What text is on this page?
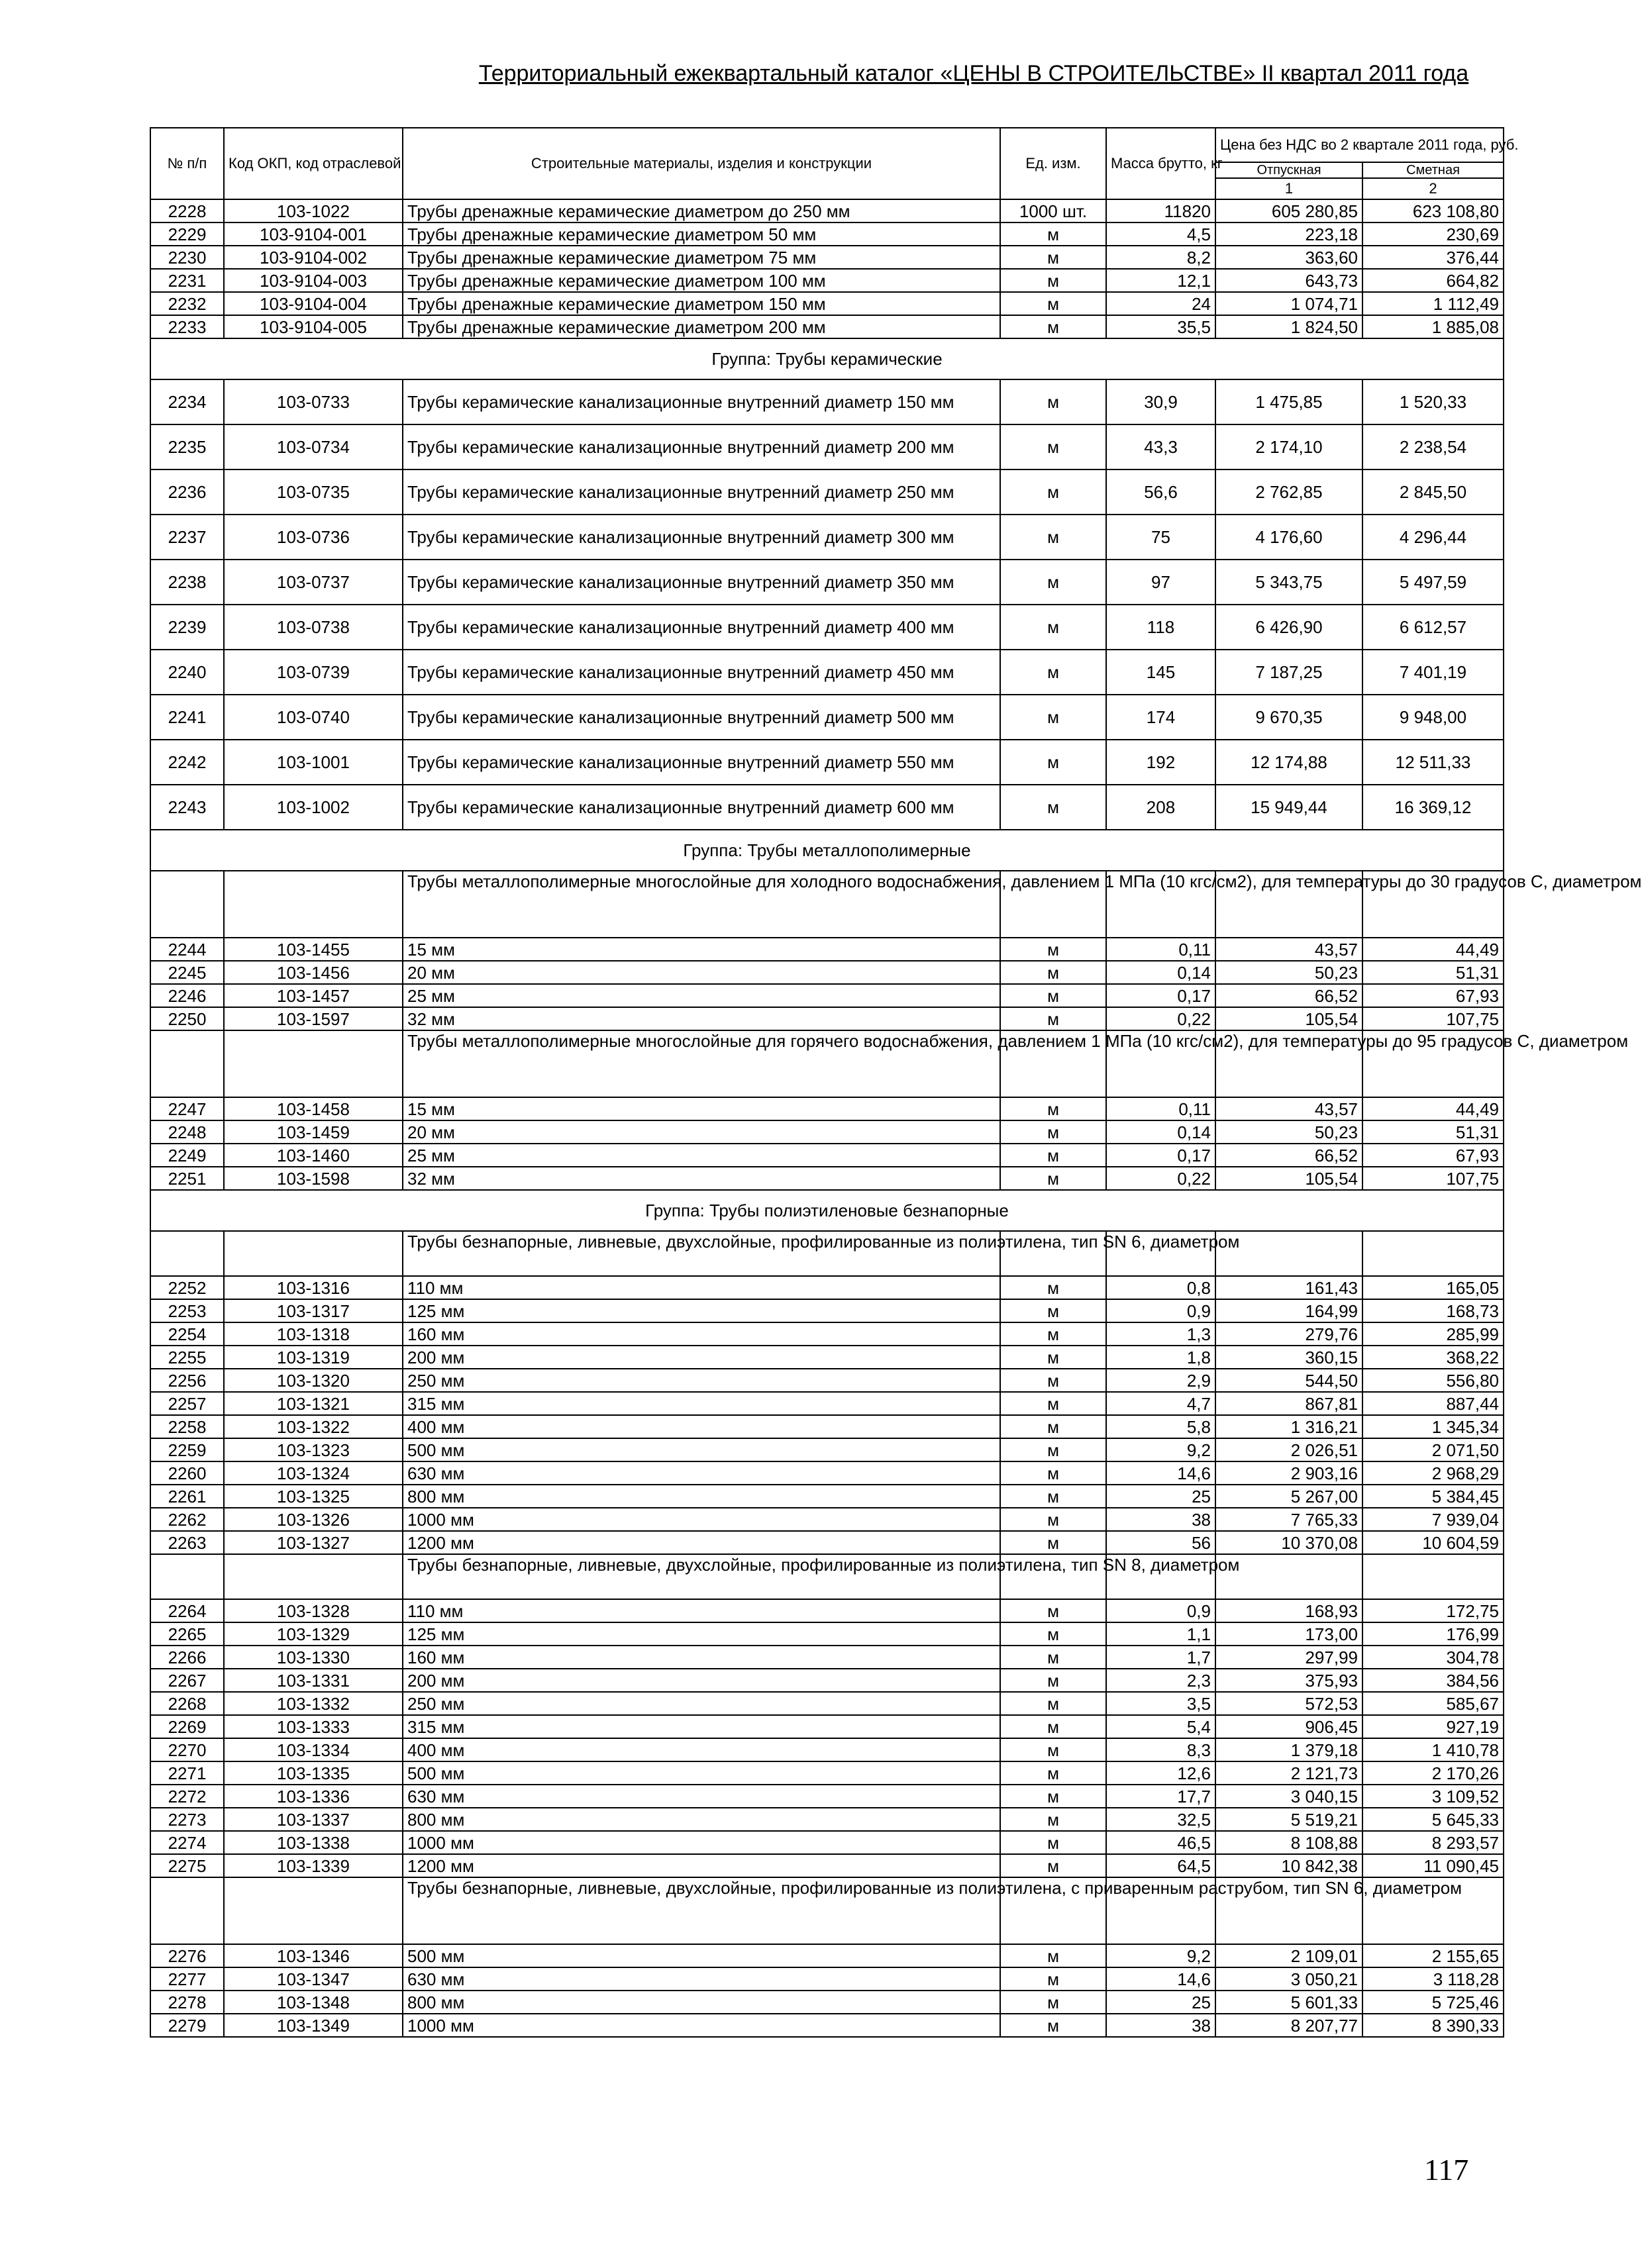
Территориальный ежеквартальный каталог «ЦЕНЫ В СТРОИТЕЛЬСТВЕ» II квартал 2011 года
№ п/п	Код ОКП, код отраслевой	Строительные материалы, изделия и конструкции	Ед. изм.	Масса брутто, кг	Цена без НДС во 2 квартале 2011 года, руб.		
					Отпускная	Сметная	
					1	2					
2228	103-1022	Трубы дренажные керамические диаметром до 250 мм	1000 шт.	11820	605 280,85	623 108,80	
2229	103-9104-001	Трубы дренажные керамические диаметром 50 мм	м	4,5	223,18	230,69	
2230	103-9104-002	Трубы дренажные керамические диаметром 75 мм	м	8,2	363,60	376,44	
2231	103-9104-003	Трубы дренажные керамические диаметром 100 мм	м	12,1	643,73	664,82	
2232	103-9104-004	Трубы дренажные керамические диаметром 150 мм	м	24	1 074,71	1 112,49	
2233	103-9104-005	Трубы дренажные керамические диаметром 200 мм	м	35,5	1 824,50	1 885,08	
Группа: Трубы керамические							
2234	103-0733	Трубы керамические канализационные внутренний диаметр 150 мм	м	30,9	1 475,85	1 520,33	
2235	103-0734	Трубы керамические канализационные внутренний диаметр 200 мм	м	43,3	2 174,10	2 238,54	
2236	103-0735	Трубы керамические канализационные внутренний диаметр 250 мм	м	56,6	2 762,85	2 845,50	
2237	103-0736	Трубы керамические канализационные внутренний диаметр 300 мм	м	75	4 176,60	4 296,44	
2238	103-0737	Трубы керамические канализационные внутренний диаметр 350 мм	м	97	5 343,75	5 497,59	
2239	103-0738	Трубы керамические канализационные внутренний диаметр 400 мм	м	118	6 426,90	6 612,57	
2240	103-0739	Трубы керамические канализационные внутренний диаметр 450 мм	м	145	7 187,25	7 401,19	
2241	103-0740	Трубы керамические канализационные внутренний диаметр 500 мм	м	174	9 670,35	9 948,00	
2242	103-1001	Трубы керамические канализационные внутренний диаметр 550 мм	м	192	12 174,88	12 511,33	
2243	103-1002	Трубы керамические канализационные внутренний диаметр 600 мм	м	208	15 949,44	16 369,12	
Группа: Трубы металлополимерные							
		Трубы металлополимерные многослойные для холодного водоснабжения, давлением 1 МПа (10 кгс/см2), для температуры до 30 градусов С, диаметром					
2244	103-1455	15 мм	м	0,11	43,57	44,49	
2245	103-1456	20 мм	м	0,14	50,23	51,31	
2246	103-1457	25 мм	м	0,17	66,52	67,93	
2250	103-1597	32 мм	м	0,22	105,54	107,75	
		Трубы металлополимерные многослойные для горячего водоснабжения, давлением 1 МПа (10 кгс/см2), для температуры до 95 градусов С, диаметром					
2247	103-1458	15 мм	м	0,11	43,57	44,49	
2248	103-1459	20 мм	м	0,14	50,23	51,31	
2249	103-1460	25 мм	м	0,17	66,52	67,93	
2251	103-1598	32 мм	м	0,22	105,54	107,75	
Группа: Трубы полиэтиленовые безнапорные							
		Трубы безнапорные, ливневые, двухслойные, профилированные из полиэтилена, тип SN 6, диаметром					
2252	103-1316	110 мм	м	0,8	161,43	165,05	
2253	103-1317	125 мм	м	0,9	164,99	168,73	
2254	103-1318	160 мм	м	1,3	279,76	285,99	
2255	103-1319	200 мм	м	1,8	360,15	368,22	
2256	103-1320	250 мм	м	2,9	544,50	556,80	
2257	103-1321	315 мм	м	4,7	867,81	887,44	
2258	103-1322	400 мм	м	5,8	1 316,21	1 345,34	
2259	103-1323	500 мм	м	9,2	2 026,51	2 071,50	
2260	103-1324	630 мм	м	14,6	2 903,16	2 968,29	
2261	103-1325	800 мм	м	25	5 267,00	5 384,45	
2262	103-1326	1000 мм	м	38	7 765,33	7 939,04	
2263	103-1327	1200 мм	м	56	10 370,08	10 604,59	
		Трубы безнапорные, ливневые, двухслойные, профилированные из полиэтилена, тип SN 8, диаметром					
2264	103-1328	110 мм	м	0,9	168,93	172,75	
2265	103-1329	125 мм	м	1,1	173,00	176,99	
2266	103-1330	160 мм	м	1,7	297,99	304,78	
2267	103-1331	200 мм	м	2,3	375,93	384,56	
2268	103-1332	250 мм	м	3,5	572,53	585,67	
2269	103-1333	315 мм	м	5,4	906,45	927,19	
2270	103-1334	400 мм	м	8,3	1 379,18	1 410,78	
2271	103-1335	500 мм	м	12,6	2 121,73	2 170,26	
2272	103-1336	630 мм	м	17,7	3 040,15	3 109,52	
2273	103-1337	800 мм	м	32,5	5 519,21	5 645,33	
2274	103-1338	1000 мм	м	46,5	8 108,88	8 293,57	
2275	103-1339	1200 мм	м	64,5	10 842,38	11 090,45	
		Трубы безнапорные, ливневые, двухслойные, профилированные из полиэтилена, с приваренным раструбом, тип SN 6, диаметром					
2276	103-1346	500 мм	м	9,2	2 109,01	2 155,65	
2277	103-1347	630 мм	м	14,6	3 050,21	3 118,28	
2278	103-1348	800 мм	м	25	5 601,33	5 725,46	
2279	103-1349	1000 мм	м	38	8 207,77	8 390,33	
117
